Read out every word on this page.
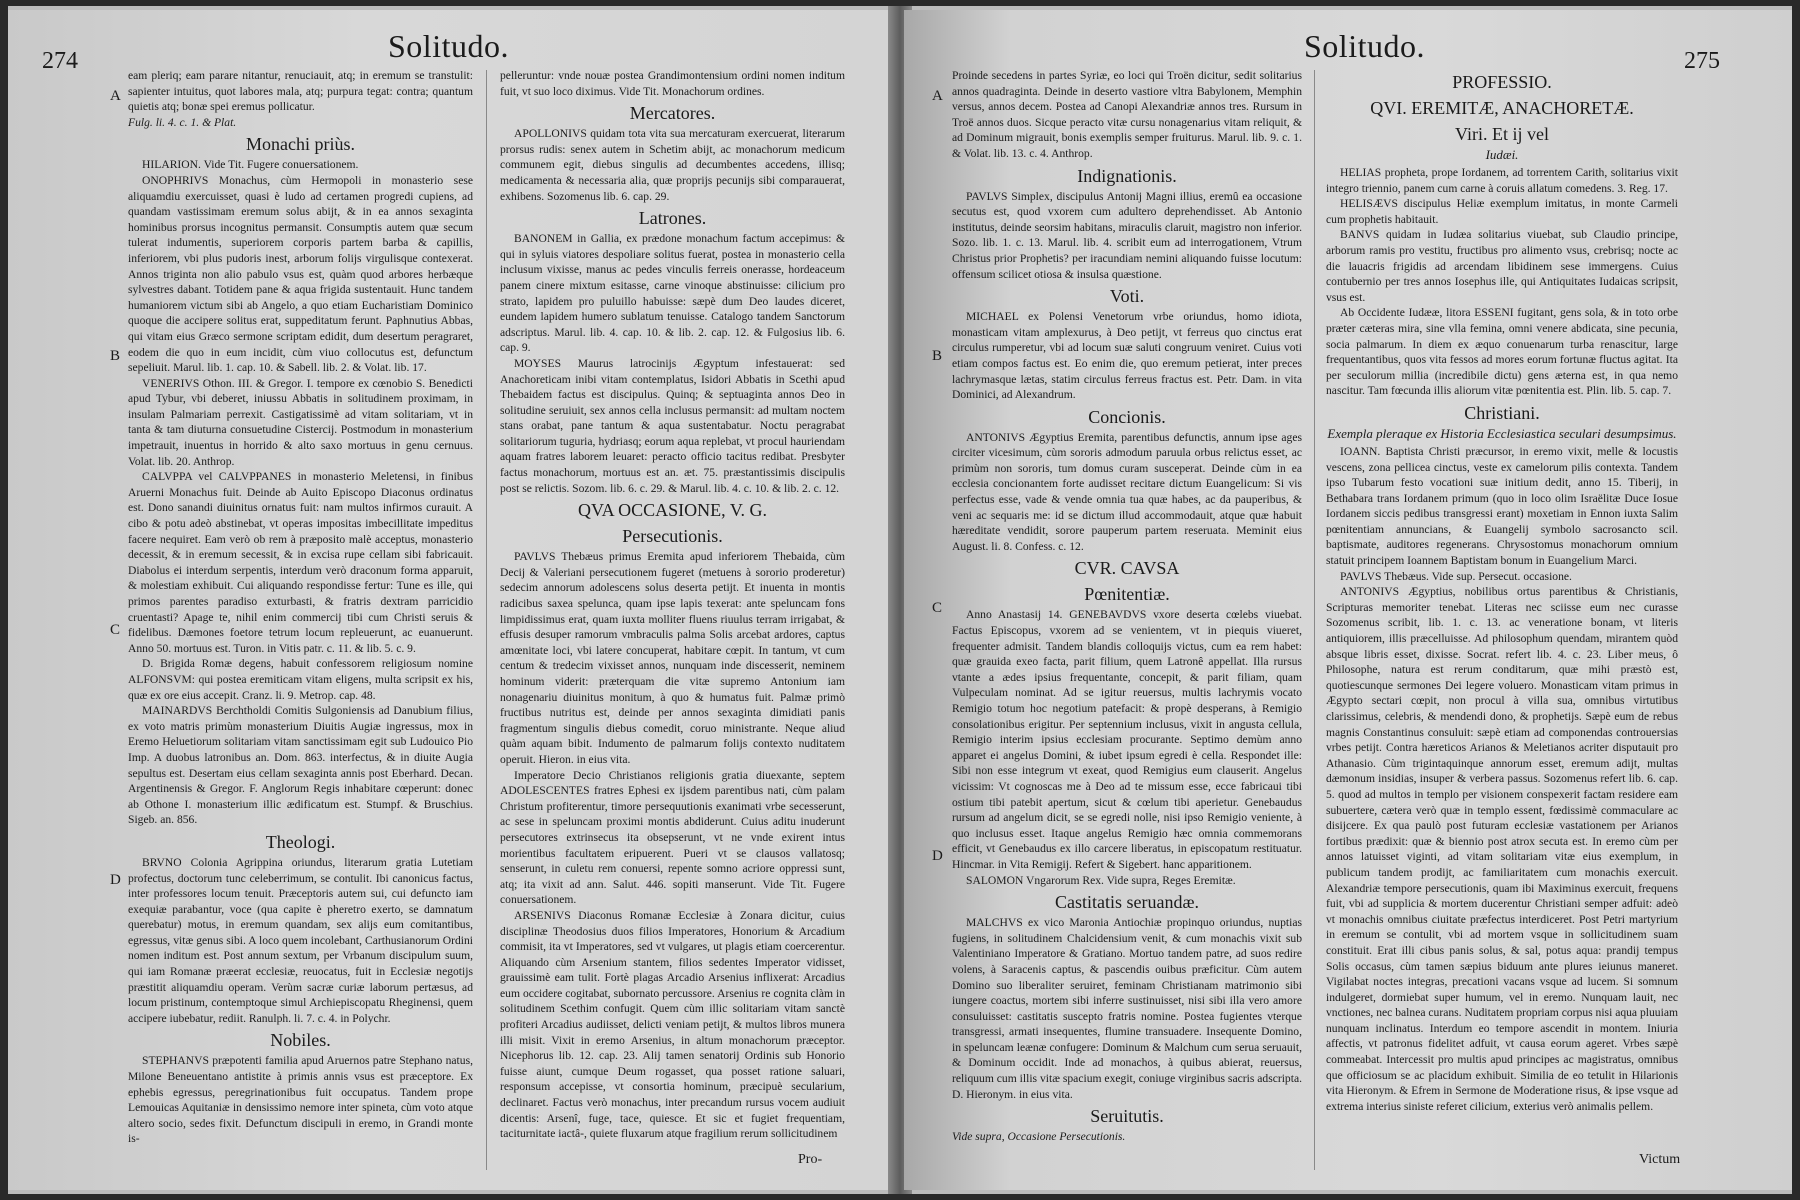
274	Solitudo.
A
B
C
D

eam pleriq; eam parare nitantur, renuciauit, atq; in eremum se transtulit: sapienter intuitus, quot labores mala, atq; purpura tegat: contra; quantum quietis atq; bonæ spei eremus pollicatur.

Fulg. li. 4. c. 1. & Plat.

Monachi priùs.

HILARION. Vide Tit. Fugere conuersationem.

ONOPHRIVS Monachus, cùm Hermopoli in monasterio sese aliquamdiu exercuisset, quasi è ludo ad certamen progredi cupiens, ad quandam vastissimam eremum solus abijt, & in ea annos sexaginta hominibus prorsus incognitus permansit. Consumptis autem quæ secum tulerat indumentis, superiorem corporis partem barba & capillis, inferiorem, vbi plus pudoris inest, arborum folijs virgulisque contexerat. Annos triginta non alio pabulo vsus est, quàm quod arbores herbæque sylvestres dabant. Totidem pane & aqua frigida sustentauit. Hunc tandem humaniorem victum sibi ab Angelo, a quo etiam Eucharistiam Dominico quoque die accipere solitus erat, suppeditatum ferunt. Paphnutius Abbas, qui vitam eius Græco sermone scriptam edidit, dum desertum peragraret, eodem die quo in eum incidit, cùm viuo collocutus est, defunctum sepeliuit. Marul. lib. 1. cap. 10. & Sabell. lib. 2. & Volat. lib. 17.

VENERIVS Othon. III. & Gregor. I. tempore ex cœnobio S. Benedicti apud Tybur, vbi deberet, iniussu Abbatis in solitudinem proximam, in insulam Palmariam perrexit. Castigatissimè ad vitam solitariam, vt in tanta & tam diuturna consuetudine Cistercij. Postmodum in monasterium impetrauit, inuentus in horrido & alto saxo mortuus in genu cernuus. Volat. lib. 20. Anthrop.

CALVPPA vel CALVPPANES in monasterio Meletensi, in finibus Aruerni Monachus fuit. Deinde ab Auito Episcopo Diaconus ordinatus est. Dono sanandi diuinitus ornatus fuit: nam multos infirmos curauit. A cibo & potu adeò abstinebat, vt operas impositas imbecillitate impeditus facere nequiret. Eam verò ob rem à præposito malè acceptus, monasterio decessit, & in eremum secessit, & in excisa rupe cellam sibi fabricauit. Diabolus ei interdum serpentis, interdum verò draconum forma apparuit, & molestiam exhibuit. Cui aliquando respondisse fertur: Tune es ille, qui primos parentes paradiso exturbasti, & fratris dextram parricidio cruentasti? Apage te, nihil enim commercij tibi cum Christi seruis & fidelibus. Dæmones foetore tetrum locum repleuerunt, ac euanuerunt. Anno 50. mortuus est. Turon. in Vitis patr. c. 11. & lib. 5. c. 9.

D. Brigida Romæ degens, habuit confessorem religiosum nomine ALFONSVM: qui postea eremiticam vitam eligens, multa scripsit ex his, quæ ex ore eius accepit. Cranz. li. 9. Metrop. cap. 48.

MAINARDVS Berchtholdi Comitis Sulgoniensis ad Danubium filius, ex voto matris primùm monasterium Diuitis Augiæ ingressus, mox in Eremo Heluetiorum solitariam vitam sanctissimam egit sub Ludouico Pio Imp. A duobus latronibus an. Dom. 863. interfectus, & in diuite Augia sepultus est. Desertam eius cellam sexaginta annis post Eberhard. Decan. Argentinensis & Gregor. F. Anglorum Regis inhabitare cœperunt: donec ab Othone I. monasterium illic ædificatum est. Stumpf. & Bruschius. Sigeb. an. 856.

Theologi.

BRVNO Colonia Agrippina oriundus, literarum gratia Lutetiam profectus, doctorum tunc celeberrimum, se contulit. Ibi canonicus factus, inter professores locum tenuit. Præceptoris autem sui, cui defuncto iam exequiæ parabantur, voce (qua capite è pheretro exerto, se damnatum querebatur) motus, in eremum quandam, sex alijs eum comitantibus, egressus, vitæ genus sibi. A loco quem incolebant, Carthusianorum Ordini nomen inditum est. Post annum sextum, per Vrbanum discipulum suum, qui iam Romanæ præerat ecclesiæ, reuocatus, fuit in Ecclesiæ negotijs præstitit aliquamdiu operam. Verùm sacræ curiæ laborum pertæsus, ad locum pristinum, contemptoque simul Archiepiscopatu Rheginensi, quem accipere iubebatur, rediit. Ranulph. li. 7. c. 4. in Polychr.

Nobiles.

STEPHANVS præpotenti familia apud Aruernos patre Stephano natus, Milone Beneuentano antistite à primis annis vsus est præceptore. Ex ephebis egressus, peregrinationibus fuit occupatus. Tandem prope Lemouicas Aquitaniæ in densissimo nemore inter spineta, cùm voto atque altero socio, sedes fixit. Defunctum discipuli in eremo, in Grandi monte is-

pelleruntur: vnde nouæ postea Grandimontensium ordini nomen inditum fuit, vt suo loco diximus. Vide Tit. Monachorum ordines.

Mercatores.

APOLLONIVS quidam tota vita sua mercaturam exercuerat, literarum prorsus rudis: senex autem in Schetim abijt, ac monachorum medicum communem egit, diebus singulis ad decumbentes accedens, illisq; medicamenta & necessaria alia, quæ proprijs pecunijs sibi comparauerat, exhibens. Sozomenus lib. 6. cap. 29.

Latrones.

BANONEM in Gallia, ex prædone monachum factum accepimus: & qui in syluis viatores despoliare solitus fuerat, postea in monasterio cella inclusum vixisse, manus ac pedes vinculis ferreis onerasse, hordeaceum panem cinere mixtum esitasse, carne vinoque abstinuisse: cilicium pro strato, lapidem pro puluillo habuisse: sæpè dum Deo laudes diceret, eundem lapidem humero sublatum tenuisse. Catalogo tandem Sanctorum adscriptus. Marul. lib. 4. cap. 10. & lib. 2. cap. 12. & Fulgosius lib. 6. cap. 9.

MOYSES Maurus latrocinijs Ægyptum infestauerat: sed Anachoreticam inibi vitam contemplatus, Isidori Abbatis in Scethi apud Thebaidem factus est discipulus. Quinq; & septuaginta annos Deo in solitudine seruiuit, sex annos cella inclusus permansit: ad multam noctem stans orabat, pane tantum & aqua sustentabatur. Noctu peragrabat solitariorum tuguria, hydriasq; eorum aqua replebat, vt procul hauriendam aquam fratres laborem leuaret: peracto officio tacitus redibat. Presbyter factus monachorum, mortuus est an. æt. 75. præstantissimis discipulis post se relictis. Sozom. lib. 6. c. 29. & Marul. lib. 4. c. 10. & lib. 2. c. 12.

QVA OCCASIONE, V. G.
Persecutionis.

PAVLVS Thebæus primus Eremita apud inferiorem Thebaida, cùm Decij & Valeriani persecutionem fugeret (metuens à sororio proderetur) sedecim annorum adolescens solus deserta petijt. Et inuenta in montis radicibus saxea spelunca, quam ipse lapis texerat: ante speluncam fons limpidissimus erat, quam iuxta molliter fluens riuulus terram irrigabat, & effusis desuper ramorum vmbraculis palma Solis arcebat ardores, captus amœnitate loci, vbi latere concuperat, habitare cœpit. In tantum, vt cum centum & tredecim vixisset annos, nunquam inde discesserit, neminem hominum viderit: præterquam die vitæ supremo Antonium iam nonagenariu diuinitus monitum, à quo & humatus fuit. Palmæ primò fructibus nutritus est, deinde per annos sexaginta dimidiati panis fragmentum singulis diebus comedit, coruo ministrante. Neque aliud quàm aquam bibit. Indumento de palmarum folijs contexto nuditatem operuit. Hieron. in eius vita.

Imperatore Decio Christianos religionis gratia diuexante, septem ADOLESCENTES fratres Ephesi ex ijsdem parentibus nati, cùm palam Christum profiterentur, timore persequutionis exanimati vrbe secesserunt, ac sese in speluncam proximi montis abdiderunt. Cuius aditu inuderunt persecutores extrinsecus ita obsepserunt, vt ne vnde exirent intus morientibus facultatem eripuerent. Pueri vt se clausos vallatosq; senserunt, in culetu rem conuersi, repente somno acriore oppressi sunt, atq; ita vixit ad ann. Salut. 446. sopiti manserunt. Vide Tit. Fugere conuersationem.

ARSENIVS Diaconus Romanæ Ecclesiæ à Zonara dicitur, cuius disciplinæ Theodosius duos filios Imperatores, Honorium & Arcadium commisit, ita vt Imperatores, sed vt vulgares, ut plagis etiam coercerentur. Aliquando cùm Arsenium stantem, filios sedentes Imperator vidisset, grauissimè eam tulit. Fortè plagas Arcadio Arsenius inflixerat: Arcadius eum occidere cogitabat, subornato percussore. Arsenius re cognita clàm in solitudinem Scethim confugit. Quem cùm illic solitariam vitam sanctè profiteri Arcadius audiisset, delicti veniam petijt, & multos libros munera illi misit. Vixit in eremo Arsenius, in altum monachorum præceptor. Nicephorus lib. 12. cap. 23. Alij tamen senatorij Ordinis sub Honorio fuisse aiunt, cumque Deum rogasset, qua posset ratione saluari, responsum accepisse, vt consortia hominum, præcipuè secularium, declinaret. Factus verò monachus, inter precandum rursus vocem audiuit dicentis: Arsenî, fuge, tace, quiesce. Et sic et fugiet frequentiam, taciturnitate iactâ-, quiete fluxarum atque fragilium rerum sollicitudinem

Pro-
Solitudo.	275
A
B
C
D

Proinde secedens in partes Syriæ, eo loci qui Troën dicitur, sedit solitarius annos quadraginta. Deinde in deserto vastiore vltra Babylonem, Memphin versus, annos decem. Postea ad Canopi Alexandriæ annos tres. Rursum in Troë annos duos. Sicque peracto vitæ cursu nonagenarius vitam reliquit, & ad Dominum migrauit, bonis exemplis semper fruiturus. Marul. lib. 9. c. 1. & Volat. lib. 13. c. 4. Anthrop.

Indignationis.

PAVLVS Simplex, discipulus Antonij Magni illius, eremû ea occasione secutus est, quod vxorem cum adultero deprehendisset. Ab Antonio institutus, deinde seorsim habitans, miraculis claruit, magistro non inferior. Sozo. lib. 1. c. 13. Marul. lib. 4. scribit eum ad interrogationem, Vtrum Christus prior Prophetis? per iracundiam nemini aliquando fuisse locutum: offensum scilicet otiosa & insulsa quæstione.

Voti.

MICHAEL ex Polensi Venetorum vrbe oriundus, homo idiota, monasticam vitam amplexurus, à Deo petijt, vt ferreus quo cinctus erat circulus rumperetur, vbi ad locum suæ saluti congruum veniret. Cuius voti etiam compos factus est. Eo enim die, quo eremum petierat, inter preces lachrymasque lætas, statim circulus ferreus fractus est. Petr. Dam. in vita Dominici, ad Alexandrum.

Concionis.

ANTONIVS Ægyptius Eremita, parentibus defunctis, annum ipse ages circiter vicesimum, cùm sororis admodum paruula orbus relictus esset, ac primùm non sororis, tum domus curam susceperat. Deinde cùm in ea ecclesia concionantem forte audisset recitare dictum Euangelicum: Si vis perfectus esse, vade & vende omnia tua quæ habes, ac da pauperibus, & veni ac sequaris me: id se dictum illud accommodauit, atque quæ habuit hæreditate vendidit, sorore pauperum partem reseruata. Meminit eius August. li. 8. Confess. c. 12.

CVR. CAVSA
Pœnitentiæ.

Anno Anastasij 14. GENEBAVDVS vxore deserta cœlebs viuebat. Factus Episcopus, vxorem ad se venientem, vt in piequis viueret, frequenter admisit. Tandem blandis colloquijs victus, cum ea rem habet: quæ grauida exeo facta, parit filium, quem Latronê appellat. Illa rursus vtante a ædes ipsius frequentante, concepit, & parit filiam, quam Vulpeculam nominat. Ad se igitur reuersus, multis lachrymis vocato Remigio totum hoc negotium patefacit: & propè desperans, à Remigio consolationibus erigitur. Per septennium inclusus, vixit in angusta cellula, Remigio interim ipsius ecclesiam procurante. Septimo demùm anno apparet ei angelus Domini, & iubet ipsum egredi è cella. Respondet ille: Sibi non esse integrum vt exeat, quod Remigius eum clauserit. Angelus vicissim: Vt cognoscas me à Deo ad te missum esse, ecce fabricaui tibi ostium tibi patebit apertum, sicut & cœlum tibi aperietur. Genebaudus rursum ad angelum dicit, se se egredi nolle, nisi ipso Remigio veniente, à quo inclusus esset. Itaque angelus Remigio hæc omnia commemorans efficit, vt Genebaudus ex illo carcere liberatus, in episcopatum restituatur. Hincmar. in Vita Remigij. Refert & Sigebert. hanc apparitionem.

SALOMON Vngarorum Rex. Vide supra, Reges Eremitæ.

Castitatis seruandæ.

MALCHVS ex vico Maronia Antiochiæ propinquo oriundus, nuptias fugiens, in solitudinem Chalcidensium venit, & cum monachis vixit sub Valentiniano Imperatore & Gratiano. Mortuo tandem patre, ad suos redire volens, à Saracenis captus, & pascendis ouibus præficitur. Cùm autem Domino suo liberaliter seruiret, feminam Christianam matrimonio sibi iungere coactus, mortem sibi inferre sustinuisset, nisi sibi illa vero amore consuluisset: castitatis suscepto fratris nomine. Postea fugientes vterque transgressi, armati insequentes, flumine transuadere. Insequente Domino, in speluncam leænæ confugere: Dominum & Malchum cum serua seruauit, & Dominum occidit. Inde ad monachos, à quibus abierat, reuersus, reliquum cum illis vitæ spacium exegit, coniuge virginibus sacris adscripta. D. Hieronym. in eius vita.

Seruitutis.

Vide supra, Occasione Persecutionis.

PROFESSIO.
QVI. EREMITÆ, ANACHORETÆ.
Viri. Et ij vel
Iudæi.

HELIAS propheta, prope Iordanem, ad torrentem Carith, solitarius vixit integro triennio, panem cum carne à coruis allatum comedens. 3. Reg. 17.

HELISÆVS discipulus Heliæ exemplum imitatus, in monte Carmeli cum prophetis habitauit.

BANVS quidam in Iudæa solitarius viuebat, sub Claudio principe, arborum ramis pro vestitu, fructibus pro alimento vsus, crebrisq; nocte ac die lauacris frigidis ad arcendam libidinem sese immergens. Cuius contubernio per tres annos Iosephus ille, qui Antiquitates Iudaicas scripsit, vsus est.

Ab Occidente Iudææ, litora ESSENI fugitant, gens sola, & in toto orbe præter cæteras mira, sine vlla femina, omni venere abdicata, sine pecunia, socia palmarum. In diem ex æquo conuenarum turba renascitur, large frequentantibus, quos vita fessos ad mores eorum fortunæ fluctus agitat. Ita per seculorum millia (incredibile dictu) gens æterna est, in qua nemo nascitur. Tam fœcunda illis aliorum vitæ pœnitentia est. Plin. lib. 5. cap. 7.

Christiani.
Exempla pleraque ex Historia Ecclesiastica seculari desumpsimus.

IOANN. Baptista Christi præcursor, in eremo vixit, melle & locustis vescens, zona pellicea cinctus, veste ex camelorum pilis contexta. Tandem ipso Tubarum festo vocationi suæ initium dedit, anno 15. Tiberij, in Bethabara trans Iordanem primum (quo in loco olim Israëlitæ Duce Iosue Iordanem siccis pedibus transgressi erant) moxetiam in Ennon iuxta Salim pœnitentiam annuncians, & Euangelij symbolo sacrosancto scil. baptismate, auditores regenerans. Chrysostomus monachorum omnium statuit principem Ioannem Baptistam bonum in Euangelium Marci.

PAVLVS Thebæus. Vide sup. Persecut. occasione.

ANTONIVS Ægyptius, nobilibus ortus parentibus & Christianis, Scripturas memoriter tenebat. Literas nec sciisse eum nec curasse Sozomenus scribit, lib. 1. c. 13. ac veneratione bonam, vt literis antiquiorem, illis præcelluisse. Ad philosophum quendam, mirantem quòd absque libris esset, dixisse. Socrat. refert lib. 4. c. 23. Liber meus, ô Philosophe, natura est rerum conditarum, quæ mihi præstò est, quotiescunque sermones Dei legere voluero. Monasticam vitam primus in Ægypto sectari cœpit, non procul à villa sua, omnibus virtutibus clarissimus, celebris, & mendendi dono, & prophetijs. Sæpè eum de rebus magnis Constantinus consuluit: sæpè etiam ad componendas controuersias vrbes petijt. Contra hæreticos Arianos & Meletianos acriter disputauit pro Athanasio. Cùm trigintaquinque annorum esset, eremum adijt, multas dæmonum insidias, insuper & verbera passus. Sozomenus refert lib. 6. cap. 5. quod ad multos in templo per visionem conspexerit factam residere eam subuertere, cætera verò quæ in templo essent, fœdissimè commaculare ac disijcere. Ex qua paulò post futuram ecclesiæ vastationem per Arianos fortibus prædixit: quæ & biennio post atrox secuta est. In eremo cùm per annos latuisset viginti, ad vitam solitariam vitæ eius exemplum, in publicum tandem prodijt, ac familiaritatem cum monachis exercuit. Alexandriæ tempore persecutionis, quam ibi Maximinus exercuit, frequens fuit, vbi ad supplicia & mortem ducerentur Christiani semper adfuit: adeò vt monachis omnibus ciuitate præfectus interdiceret. Post Petri martyrium in eremum se contulit, vbi ad mortem vsque in sollicitudinem suam constituit. Erat illi cibus panis solus, & sal, potus aqua: prandij tempus Solis occasus, cùm tamen sæpius biduum ante plures ieiunus maneret. Vigilabat noctes integras, precationi vacans vsque ad lucem. Si somnum indulgeret, dormiebat super humum, vel in eremo. Nunquam lauit, nec vnctiones, nec balnea curans. Nuditatem propriam corpus nisi aqua pluuiam nunquam inclinatus. Interdum eo tempore ascendit in montem. Iniuria affectis, vt patronus fidelitet adfuit, vt causa eorum ageret. Vrbes sæpè commeabat. Intercessit pro multis apud principes ac magistratus, omnibus que officiosum se ac placidum exhibuit. Similia de eo tetulit in Hilarionis vita Hieronym. & Efrem in Sermone de Moderatione risus, & ipse vsque ad extrema interius siniste referet cilicium, exterius verò animalis pellem.

Victum
